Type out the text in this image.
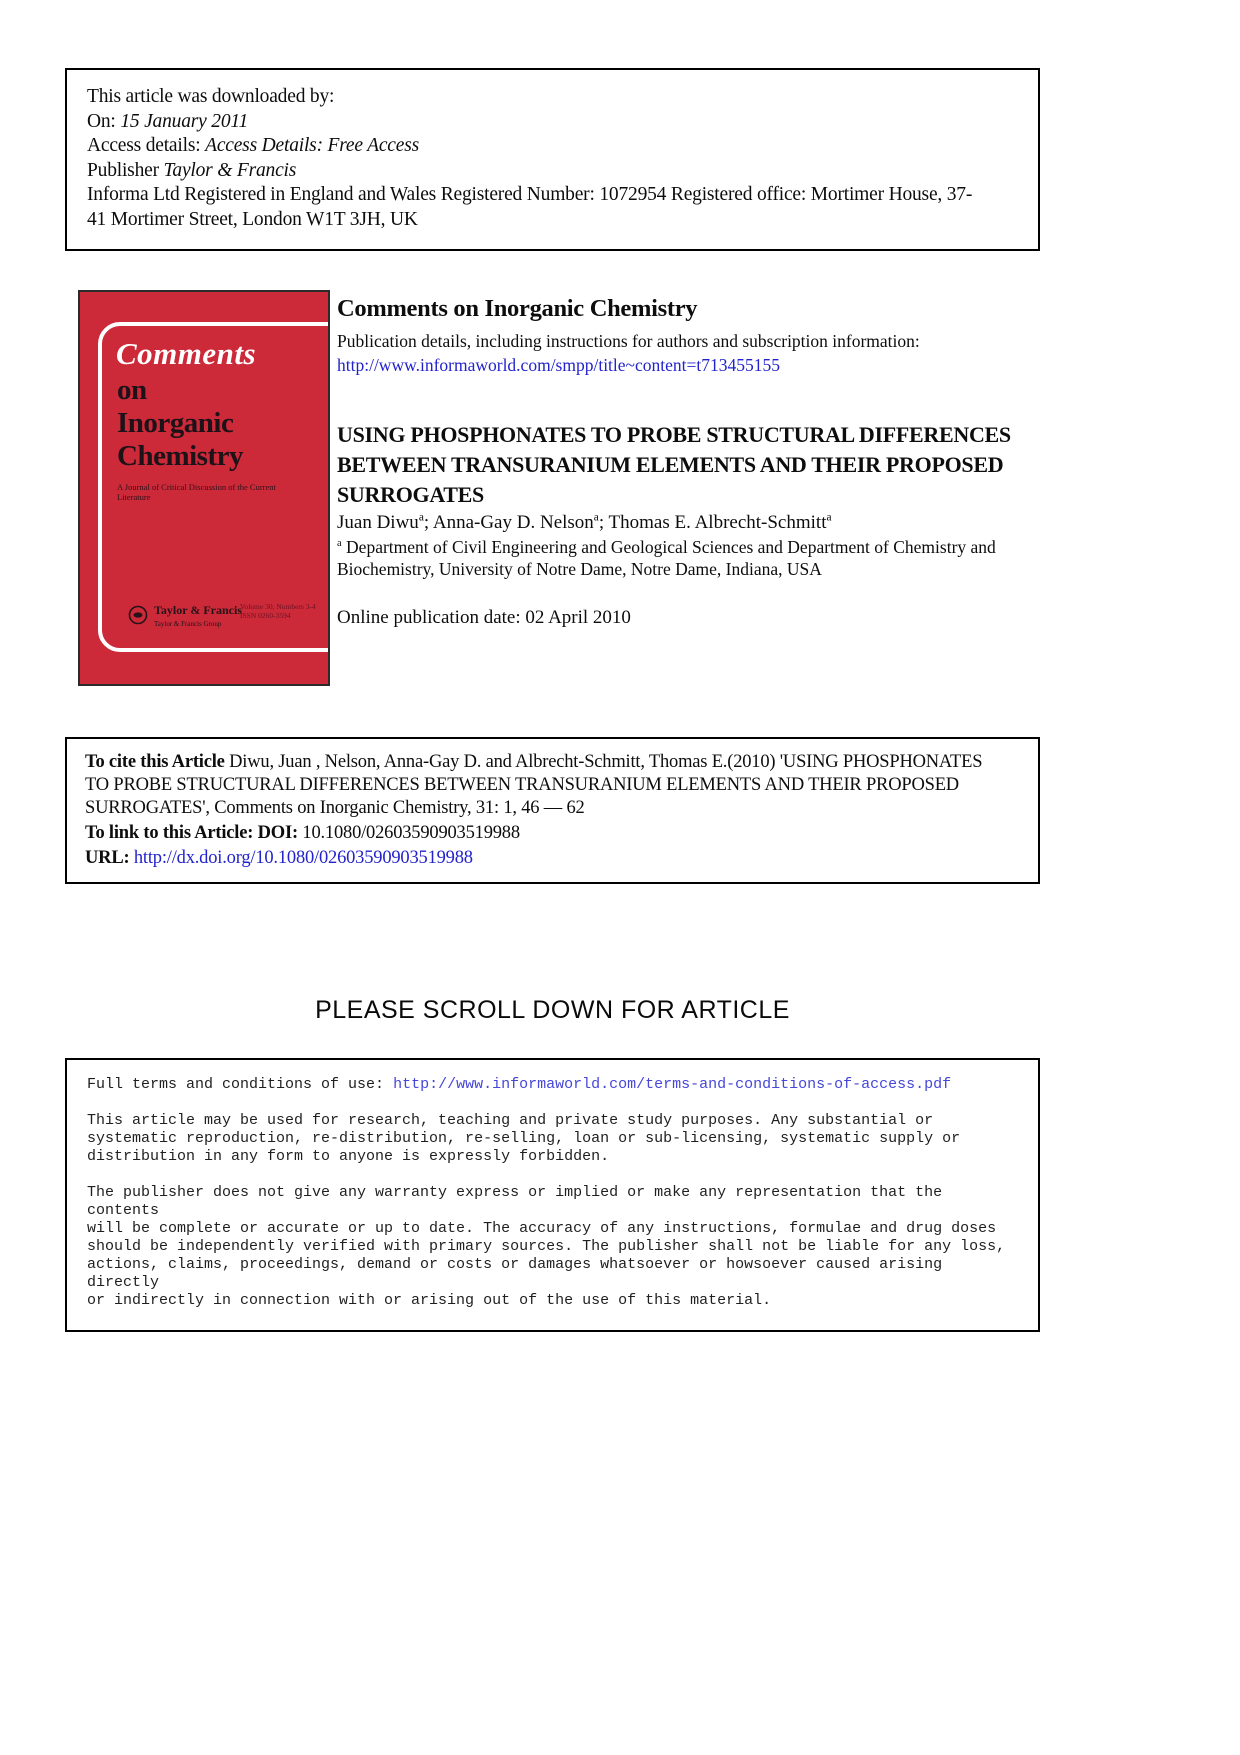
This article was downloaded by:
On: 15 January 2011
Access details: Access Details: Free Access
Publisher Taylor & Francis
Informa Ltd Registered in England and Wales Registered Number: 1072954 Registered office: Mortimer House, 37-
41 Mortimer Street, London W1T 3JH, UK
Comments
on
Inorganic
Chemistry
A Journal of Critical Discussion of the Current Literature
Taylor & Francis
Taylor & Francis Group
Volume 30, Numbers 3-4
ISSN 0260-3594
Comments on Inorganic Chemistry
Publication details, including instructions for authors and subscription information:
http://www.informaworld.com/smpp/title~content=t713455155
USING PHOSPHONATES TO PROBE STRUCTURAL DIFFERENCES
BETWEEN TRANSURANIUM ELEMENTS AND THEIR PROPOSED
SURROGATES
Juan Diwu$^a$; Anna-Gay D. Nelson$^a$; Thomas E. Albrecht-Schmitt$^a$
$^a$ Department of Civil Engineering and Geological Sciences and Department of Chemistry and
Biochemistry, University of Notre Dame, Notre Dame, Indiana, USA
Online publication date: 02 April 2010
To cite this Article Diwu, Juan , Nelson, Anna-Gay D. and Albrecht-Schmitt, Thomas E.(2010) 'USING PHOSPHONATES
TO PROBE STRUCTURAL DIFFERENCES BETWEEN TRANSURANIUM ELEMENTS AND THEIR PROPOSED
SURROGATES', Comments on Inorganic Chemistry, 31: 1, 46 — 62
To link to this Article: DOI: 10.1080/02603590903519988
URL: http://dx.doi.org/10.1080/02603590903519988
PLEASE SCROLL DOWN FOR ARTICLE
Full terms and conditions of use: http://www.informaworld.com/terms-and-conditions-of-access.pdf
This article may be used for research, teaching and private study purposes. Any substantial or
systematic reproduction, re-distribution, re-selling, loan or sub-licensing, systematic supply or
distribution in any form to anyone is expressly forbidden.
The publisher does not give any warranty express or implied or make any representation that the contents
will be complete or accurate or up to date. The accuracy of any instructions, formulae and drug doses
should be independently verified with primary sources. The publisher shall not be liable for any loss,
actions, claims, proceedings, demand or costs or damages whatsoever or howsoever caused arising directly
or indirectly in connection with or arising out of the use of this material.
